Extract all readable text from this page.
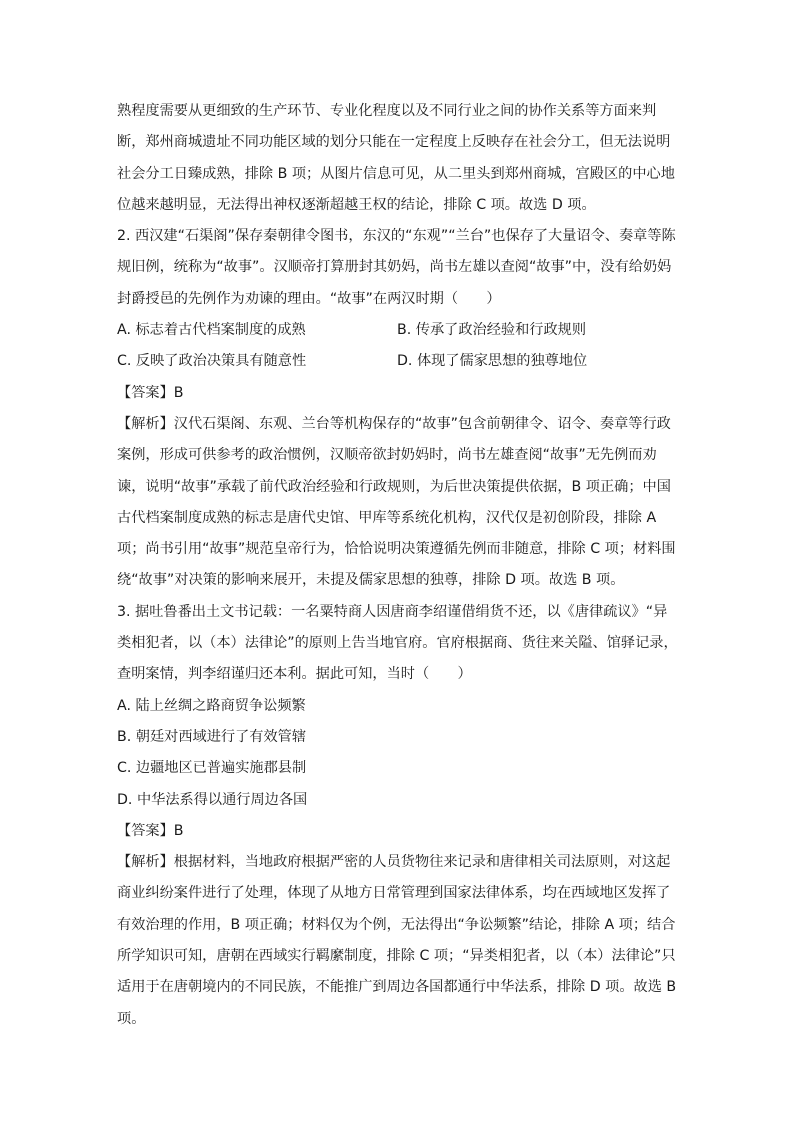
熟程度需要从更细致的生产环节、专业化程度以及不同行业之间的协作关系等方面来判
断，郑州商城遗址不同功能区域的划分只能在一定程度上反映存在社会分工，但无法说明
社会分工日臻成熟，排除 B 项；从图片信息可见，从二里头到郑州商城，宫殿区的中心地
位越来越明显，无法得出神权逐渐超越王权的结论，排除 C 项。故选 D 项。
2. 西汉建“石渠阁”保存秦朝律令图书，东汉的“东观”“兰台”也保存了大量诏令、奏章等陈
规旧例，统称为“故事”。汉顺帝打算册封其奶妈，尚书左雄以查阅“故事”中，没有给奶妈
封爵授邑的先例作为劝谏的理由。“故事”在两汉时期（　　）
A. 标志着古代档案制度的成熟	B. 传承了政治经验和行政规则
C. 反映了政治决策具有随意性	D. 体现了儒家思想的独尊地位
【答案】B
【解析】汉代石渠阁、东观、兰台等机构保存的“故事”包含前朝律令、诏令、奏章等行政
案例，形成可供参考的政治惯例，汉顺帝欲封奶妈时，尚书左雄查阅“故事”无先例而劝
谏，说明“故事”承载了前代政治经验和行政规则，为后世决策提供依据，B 项正确；中国
古代档案制度成熟的标志是唐代史馆、甲库等系统化机构，汉代仅是初创阶段，排除 A
项；尚书引用“故事”规范皇帝行为，恰恰说明决策遵循先例而非随意，排除 C 项；材料围
绕“故事”对决策的影响来展开，未提及儒家思想的独尊，排除 D 项。故选 B 项。
3. 据吐鲁番出土文书记载：一名粟特商人因唐商李绍谨借绢货不还，以《唐律疏议》“异
类相犯者，以（本）法律论”的原则上告当地官府。官府根据商、货往来关隘、馆驿记录，
查明案情，判李绍谨归还本利。据此可知，当时（　　）
A. 陆上丝绸之路商贸争讼频繁
B. 朝廷对西域进行了有效管辖
C. 边疆地区已普遍实施郡县制
D. 中华法系得以通行周边各国
【答案】B
【解析】根据材料，当地政府根据严密的人员货物往来记录和唐律相关司法原则，对这起
商业纠纷案件进行了处理，体现了从地方日常管理到国家法律体系，均在西域地区发挥了
有效治理的作用，B 项正确；材料仅为个例，无法得出“争讼频繁”结论，排除 A 项；结合
所学知识可知，唐朝在西域实行羁縻制度，排除 C 项；“异类相犯者，以（本）法律论”只
适用于在唐朝境内的不同民族，不能推广到周边各国都通行中华法系，排除 D 项。故选 B
项。
